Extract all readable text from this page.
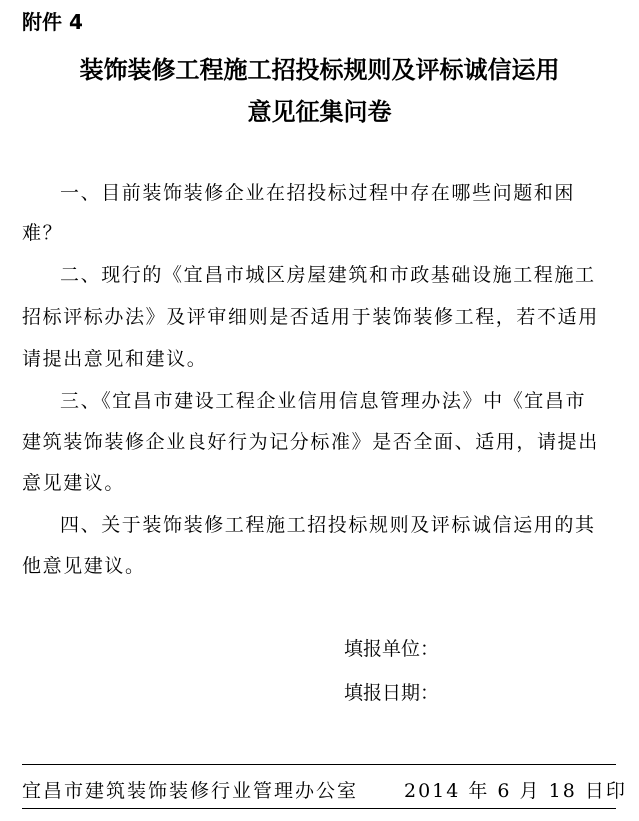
附件 4
装饰装修工程施工招投标规则及评标诚信运用
意见征集问卷
一、目前装饰装修企业在招投标过程中存在哪些问题和困
难？
二、现行的《宜昌市城区房屋建筑和市政基础设施工程施工
招标评标办法》及评审细则是否适用于装饰装修工程，若不适用
请提出意见和建议。
三、《宜昌市建设工程企业信用信息管理办法》中《宜昌市
建筑装饰装修企业良好行为记分标准》是否全面、适用，请提出
意见建议。
四、关于装饰装修工程施工招投标规则及评标诚信运用的其
他意见建议。
填报单位：
填报日期：
宜昌市建筑装饰装修行业管理办公室 2014 年 6 月 18 日印
